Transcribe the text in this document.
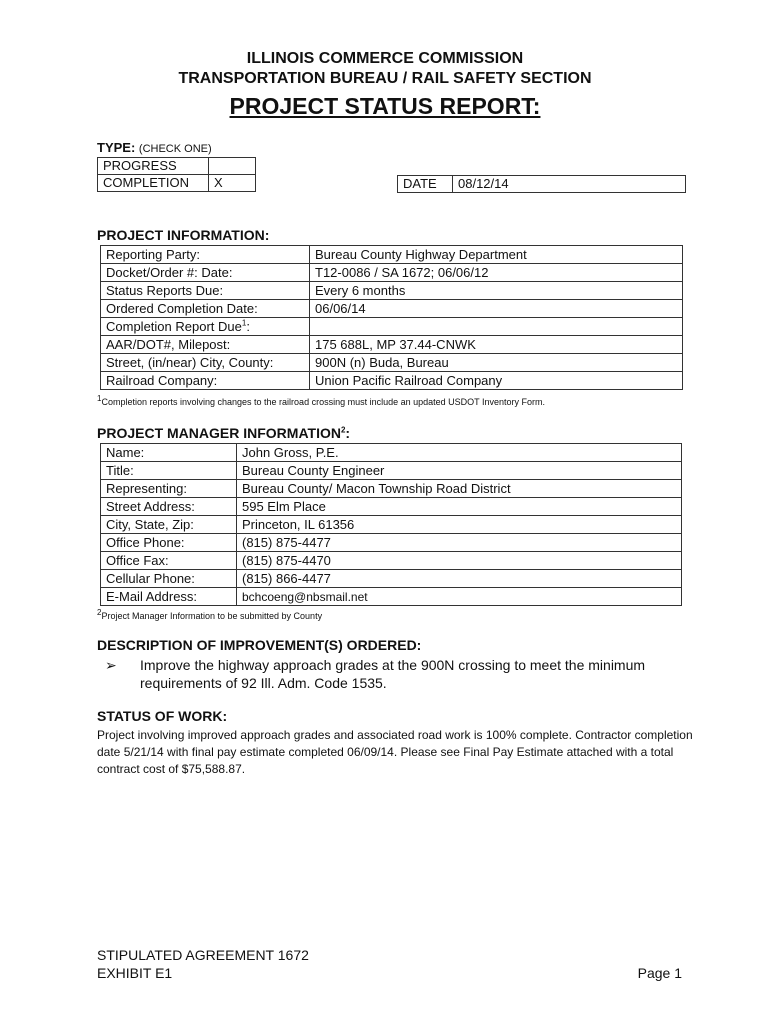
ILLINOIS COMMERCE COMMISSION
TRANSPORTATION BUREAU / RAIL SAFETY SECTION
PROJECT STATUS REPORT:
TYPE: (CHECK ONE)
PROGRESS	
COMPLETION	X	DATE	08/12/14
PROJECT INFORMATION:
Reporting Party:	Bureau County Highway Department
Docket/Order #: Date:	T12-0086 / SA 1672; 06/06/12
Status Reports Due:	Every 6 months
Ordered Completion Date:	06/06/14
Completion Report Due$^1$:	
AAR/DOT#, Milepost:	175 688L, MP 37.44-CNWK
Street, (in/near) City, County:	900N (n) Buda, Bureau
Railroad Company:	Union Pacific Railroad Company
1Completion reports involving changes to the railroad crossing must include an updated USDOT Inventory Form.
PROJECT MANAGER INFORMATION$^2$:
Name:	John Gross, P.E.
Title:	Bureau County Engineer
Representing:	Bureau County/ Macon Township Road District
Street Address:	595 Elm Place
City, State, Zip:	Princeton, IL 61356
Office Phone:	(815) 875-4477
Office Fax:	(815) 875-4470
Cellular Phone:	(815) 866-4477
E-Mail Address:	bchcoeng@nbsmail.net
2Project Manager Information to be submitted by County
DESCRIPTION OF IMPROVEMENT(S) ORDERED:
➢ Improve the highway approach grades at the 900N crossing to meet the minimum requirements of 92 Ill. Adm. Code 1535.
STATUS OF WORK:
Project involving improved approach grades and associated road work is 100% complete. Contractor completion date 5/21/14 with final pay estimate completed 06/09/14. Please see Final Pay Estimate attached with a total contract cost of $75,588.87.
STIPULATED AGREEMENT 1672
EXHIBIT E1	Page 1
